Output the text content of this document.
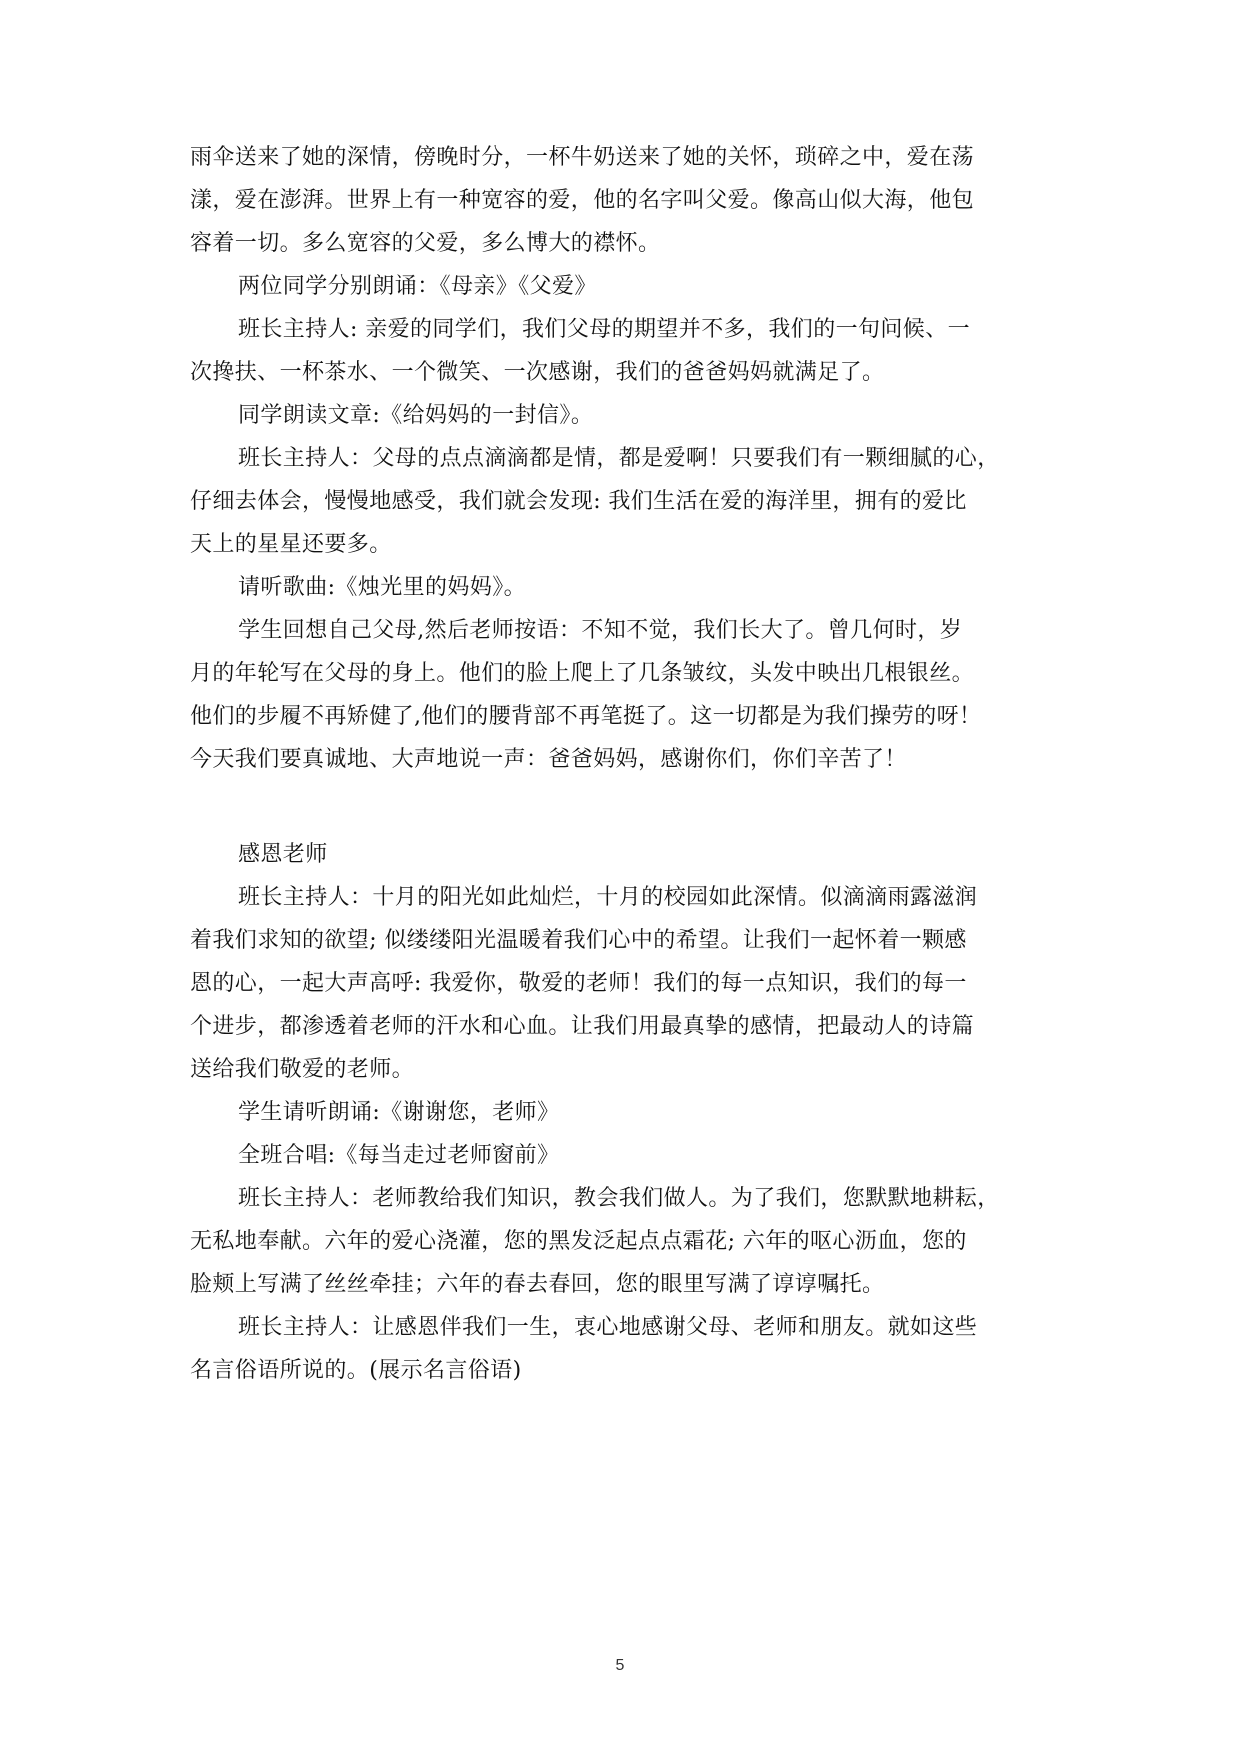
雨伞送来了她的深情，傍晚时分，一杯牛奶送来了她的关怀，琐碎之中，爱在荡

漾，爱在澎湃。世界上有一种宽容的爱，他的名字叫父爱。像高山似大海，他包

容着一切。多么宽容的父爱，多么博大的襟怀。

两位同学分别朗诵：《母亲》《父爱》

班长主持人: 亲爱的同学们，我们父母的期望并不多，我们的一句问候、一

次搀扶、一杯茶水、一个微笑、一次感谢，我们的爸爸妈妈就满足了。

同学朗读文章:《给妈妈的一封信》。

班长主持人：父母的点点滴滴都是情，都是爱啊！只要我们有一颗细腻的心，

仔细去体会，慢慢地感受，我们就会发现: 我们生活在爱的海洋里，拥有的爱比

天上的星星还要多。

请听歌曲:《烛光里的妈妈》。

学生回想自己父母,然后老师按语：不知不觉，我们长大了。曾几何时，岁

月的年轮写在父母的身上。他们的脸上爬上了几条皱纹，头发中映出几根银丝。

他们的步履不再矫健了,他们的腰背部不再笔挺了。这一切都是为我们操劳的呀！

今天我们要真诚地、大声地说一声：爸爸妈妈，感谢你们，你们辛苦了！

感恩老师

班长主持人：十月的阳光如此灿烂，十月的校园如此深情。似滴滴雨露滋润

着我们求知的欲望; 似缕缕阳光温暖着我们心中的希望。让我们一起怀着一颗感

恩的心，一起大声高呼: 我爱你，敬爱的老师！我们的每一点知识，我们的每一

个进步，都渗透着老师的汗水和心血。让我们用最真挚的感情，把最动人的诗篇

送给我们敬爱的老师。

学生请听朗诵:《谢谢您，老师》

全班合唱:《每当走过老师窗前》

班长主持人：老师教给我们知识，教会我们做人。为了我们，您默默地耕耘，

无私地奉献。六年的爱心浇灌，您的黑发泛起点点霜花; 六年的呕心沥血，您的

脸颊上写满了丝丝牵挂；六年的春去春回，您的眼里写满了谆谆嘱托。

班长主持人：让感恩伴我们一生，衷心地感谢父母、老师和朋友。就如这些

名言俗语所说的。(展示名言俗语)

5
